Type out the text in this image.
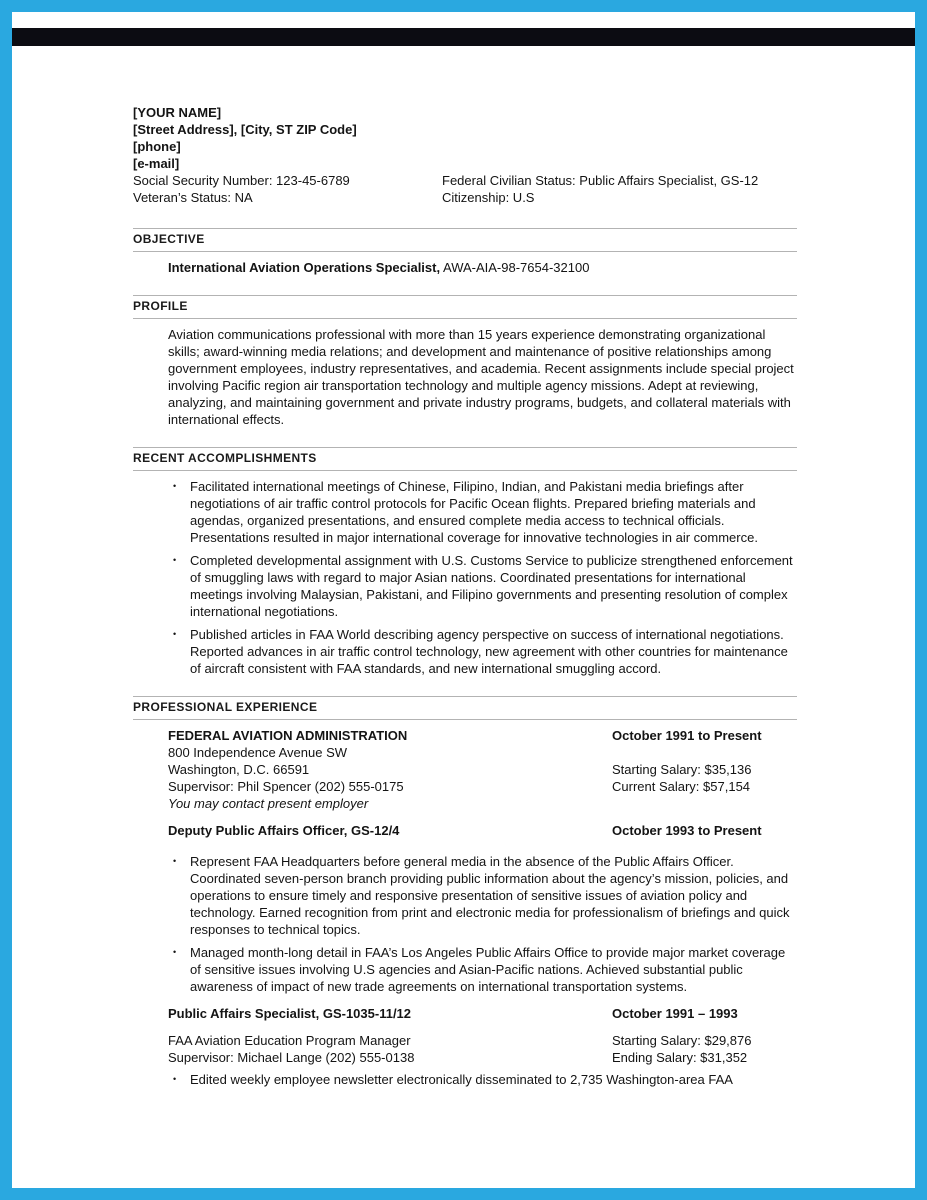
[YOUR NAME]
[Street Address], [City, ST ZIP Code]
[phone]
[e-mail]
Social Security Number: 123-45-6789	Federal Civilian Status: Public Affairs Specialist, GS-12
Veteran’s Status: NA	Citizenship: U.S
OBJECTIVE
International Aviation Operations Specialist, AWA-AIA-98-7654-32100
PROFILE
Aviation communications professional with more than 15 years experience demonstrating organizational skills; award-winning media relations; and development and maintenance of positive relationships among government employees, industry representatives, and academia. Recent assignments include special project involving Pacific region air transportation technology and multiple agency missions. Adept at reviewing, analyzing, and maintaining government and private industry programs, budgets, and collateral materials with international effects.
RECENT ACCOMPLISHMENTS
•	Facilitated international meetings of Chinese, Filipino, Indian, and Pakistani media briefings after negotiations of air traffic control protocols for Pacific Ocean flights. Prepared briefing materials and agendas, organized presentations, and ensured complete media access to technical officials. Presentations resulted in major international coverage for innovative technologies in air commerce.
•	Completed developmental assignment with U.S. Customs Service to publicize strengthened enforcement of smuggling laws with regard to major Asian nations. Coordinated presentations for international meetings involving Malaysian, Pakistani, and Filipino governments and presenting resolution of complex international negotiations.
•	Published articles in FAA World describing agency perspective on success of international negotiations. Reported advances in air traffic control technology, new agreement with other countries for maintenance of aircraft consistent with FAA standards, and new international smuggling accord.
PROFESSIONAL EXPERIENCE
FEDERAL AVIATION ADMINISTRATION	October 1991 to Present
800 Independence Avenue SW
Washington, D.C. 66591	Starting Salary: $35,136
Supervisor: Phil Spencer (202) 555-0175	Current Salary: $57,154
You may contact present employer
Deputy Public Affairs Officer, GS-12/4	October 1993 to Present
•	Represent FAA Headquarters before general media in the absence of the Public Affairs Officer. Coordinated seven-person branch providing public information about the agency’s mission, policies, and operations to ensure timely and responsive presentation of sensitive issues of aviation policy and technology. Earned recognition from print and electronic media for professionalism of briefings and quick responses to technical topics.
•	Managed month-long detail in FAA’s Los Angeles Public Affairs Office to provide major market coverage of sensitive issues involving U.S agencies and Asian-Pacific nations. Achieved substantial public awareness of impact of new trade agreements on international transportation systems.
Public Affairs Specialist, GS-1035-11/12	October 1991 – 1993
FAA Aviation Education Program Manager	Starting Salary: $29,876
Supervisor: Michael Lange (202) 555-0138	Ending Salary: $31,352
•	Edited weekly employee newsletter electronically disseminated to 2,735 Washington-area FAA
